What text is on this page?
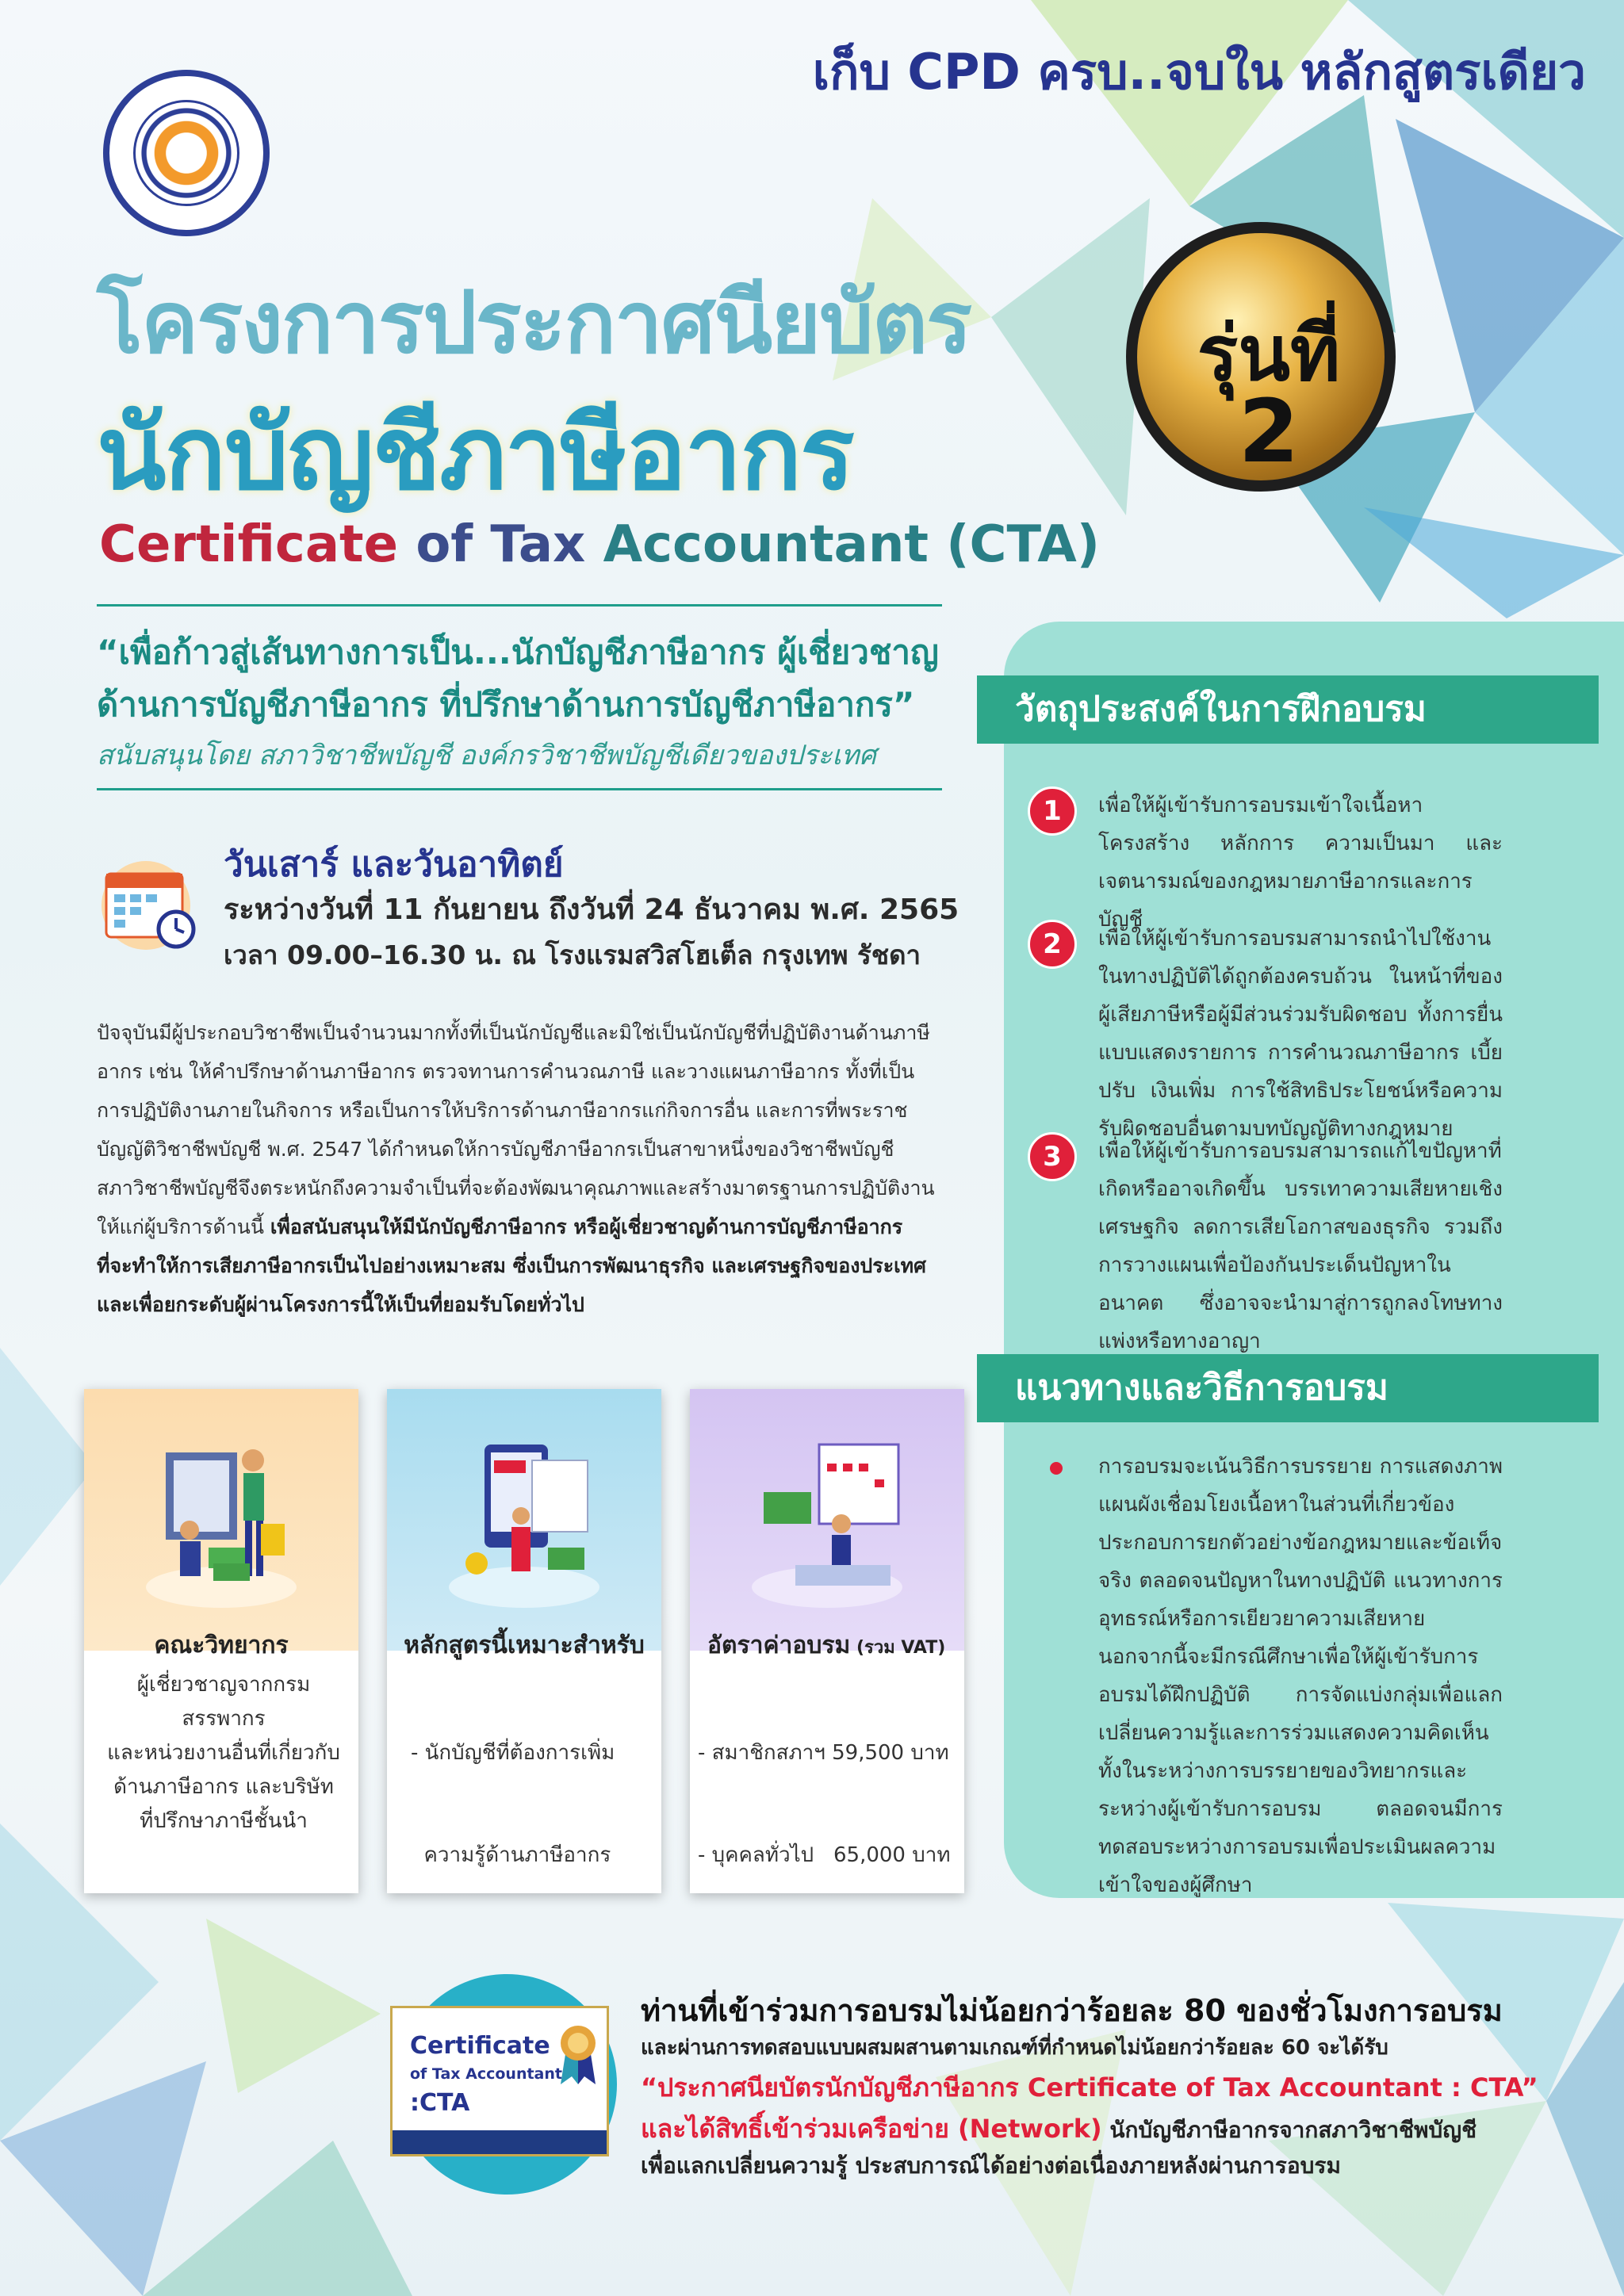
เก็บ CPD ครบ..จบใน หลักสูตรเดียว
โครงการประกาศนียบัตร
นักบัญชีภาษีอากร
Certificate of Tax Accountant (CTA)
รุ่นที่
2
“เพื่อก้าวสู่เส้นทางการเป็น...นักบัญชีภาษีอากร ผู้เชี่ยวชาญ
ด้านการบัญชีภาษีอากร ที่ปรึกษาด้านการบัญชีภาษีอากร”
สนับสนุนโดย สภาวิชาชีพบัญชี องค์กรวิชาชีพบัญชีเดียวของประเทศ
วันเสาร์ และวันอาทิตย์
ระหว่างวันที่ 11 กันยายน ถึงวันที่ 24 ธันวาคม พ.ศ. 2565
เวลา 09.00–16.30 น. ณ โรงแรมสวิสโฮเต็ล กรุงเทพ รัชดา
ปัจจุบันมีผู้ประกอบวิชาชีพเป็นจำนวนมากทั้งที่เป็นนักบัญชีและมิใช่เป็นนักบัญชีที่ปฏิบัติงานด้านภาษี
อากร เช่น ให้คำปรึกษาด้านภาษีอากร ตรวจทานการคำนวณภาษี และวางแผนภาษีอากร ทั้งที่เป็น
การปฏิบัติงานภายในกิจการ หรือเป็นการให้บริการด้านภาษีอากรแก่กิจการอื่น และการที่พระราช
บัญญัติวิชาชีพบัญชี พ.ศ. 2547 ได้กำหนดให้การบัญชีภาษีอากรเป็นสาขาหนึ่งของวิชาชีพบัญชี
สภาวิชาชีพบัญชีจึงตระหนักถึงความจำเป็นที่จะต้องพัฒนาคุณภาพและสร้างมาตรฐานการปฏิบัติงาน
ให้แก่ผู้บริการด้านนี้ เพื่อสนับสนุนให้มีนักบัญชีภาษีอากร หรือผู้เชี่ยวชาญด้านการบัญชีภาษีอากร
ที่จะทำให้การเสียภาษีอากรเป็นไปอย่างเหมาะสม ซึ่งเป็นการพัฒนาธุรกิจ และเศรษฐกิจของประเทศ
และเพื่อยกระดับผู้ผ่านโครงการนี้ให้เป็นที่ยอมรับโดยทั่วไป
วัตถุประสงค์ในการฝึกอบรม
1	เพื่อให้ผู้เข้ารับการอบรมเข้าใจเนื้อหา โครงสร้าง หลักการ ความเป็นมา และเจตนารมณ์ของกฎหมายภาษีอากรและการบัญชี
2	เพื่อให้ผู้เข้ารับการอบรมสามารถนำไปใช้งานในทางปฏิบัติได้ถูกต้องครบถ้วน ในหน้าที่ของผู้เสียภาษีหรือผู้มีส่วนร่วมรับผิดชอบ ทั้งการยื่นแบบแสดงรายการ การคำนวณภาษีอากร เบี้ยปรับ เงินเพิ่ม การใช้สิทธิประโยชน์หรือความรับผิดชอบอื่นตามบทบัญญัติทางกฎหมาย
3	เพื่อให้ผู้เข้ารับการอบรมสามารถแก้ไขปัญหาที่เกิดหรืออาจเกิดขึ้น บรรเทาความเสียหายเชิงเศรษฐกิจ ลดการเสียโอกาสของธุรกิจ รวมถึงการวางแผนเพื่อป้องกันประเด็นปัญหาในอนาคต ซึ่งอาจจะนำมาสู่การถูกลงโทษทางแพ่งหรือทางอาญา
แนวทางและวิธีการอบรม
การอบรมจะเน้นวิธีการบรรยาย การแสดงภาพแผนผังเชื่อมโยงเนื้อหาในส่วนที่เกี่ยวข้อง ประกอบการยกตัวอย่างข้อกฎหมายและข้อเท็จจริง ตลอดจนปัญหาในทางปฏิบัติ แนวทางการอุทธรณ์หรือการเยียวยาความเสียหาย นอกจากนี้จะมีกรณีศึกษาเพื่อให้ผู้เข้ารับการอบรมได้ฝึกปฏิบัติ การจัดแบ่งกลุ่มเพื่อแลกเปลี่ยนความรู้และการร่วมแสดงความคิดเห็น ทั้งในระหว่างการบรรยายของวิทยากรและระหว่างผู้เข้ารับการอบรม ตลอดจนมีการทดสอบระหว่างการอบรมเพื่อประเมินผลความเข้าใจของผู้ศึกษา
คณะวิทยากร
ผู้เชี่ยวชาญจากกรมสรรพากร
และหน่วยงานอื่นที่เกี่ยวกับ
ด้านภาษีอากร และบริษัท
ที่ปรึกษาภาษีชั้นนำ
หลักสูตรนี้เหมาะสำหรับ

- นักบัญชีที่ต้องการเพิ่ม

ความรู้ด้านภาษีอากร

อัตราค่าอบรม (รวม VAT)

- สมาชิกสภาฯ 59,500 บาท

- บุคคลทั่วไป   65,000 บาท

Certificate
of Tax Accountant
:CTA
ท่านที่เข้าร่วมการอบรมไม่น้อยกว่าร้อยละ 80 ของชั่วโมงการอบรม
และผ่านการทดสอบแบบผสมผสานตามเกณฑ์ที่กำหนดไม่น้อยกว่าร้อยละ 60 จะได้รับ
“ประกาศนียบัตรนักบัญชีภาษีอากร Certificate of Tax Accountant : CTA”
และได้สิทธิ์เข้าร่วมเครือข่าย (Network) นักบัญชีภาษีอากรจากสภาวิชาชีพบัญชี
เพื่อแลกเปลี่ยนความรู้ ประสบการณ์ได้อย่างต่อเนื่องภายหลังผ่านการอบรม
